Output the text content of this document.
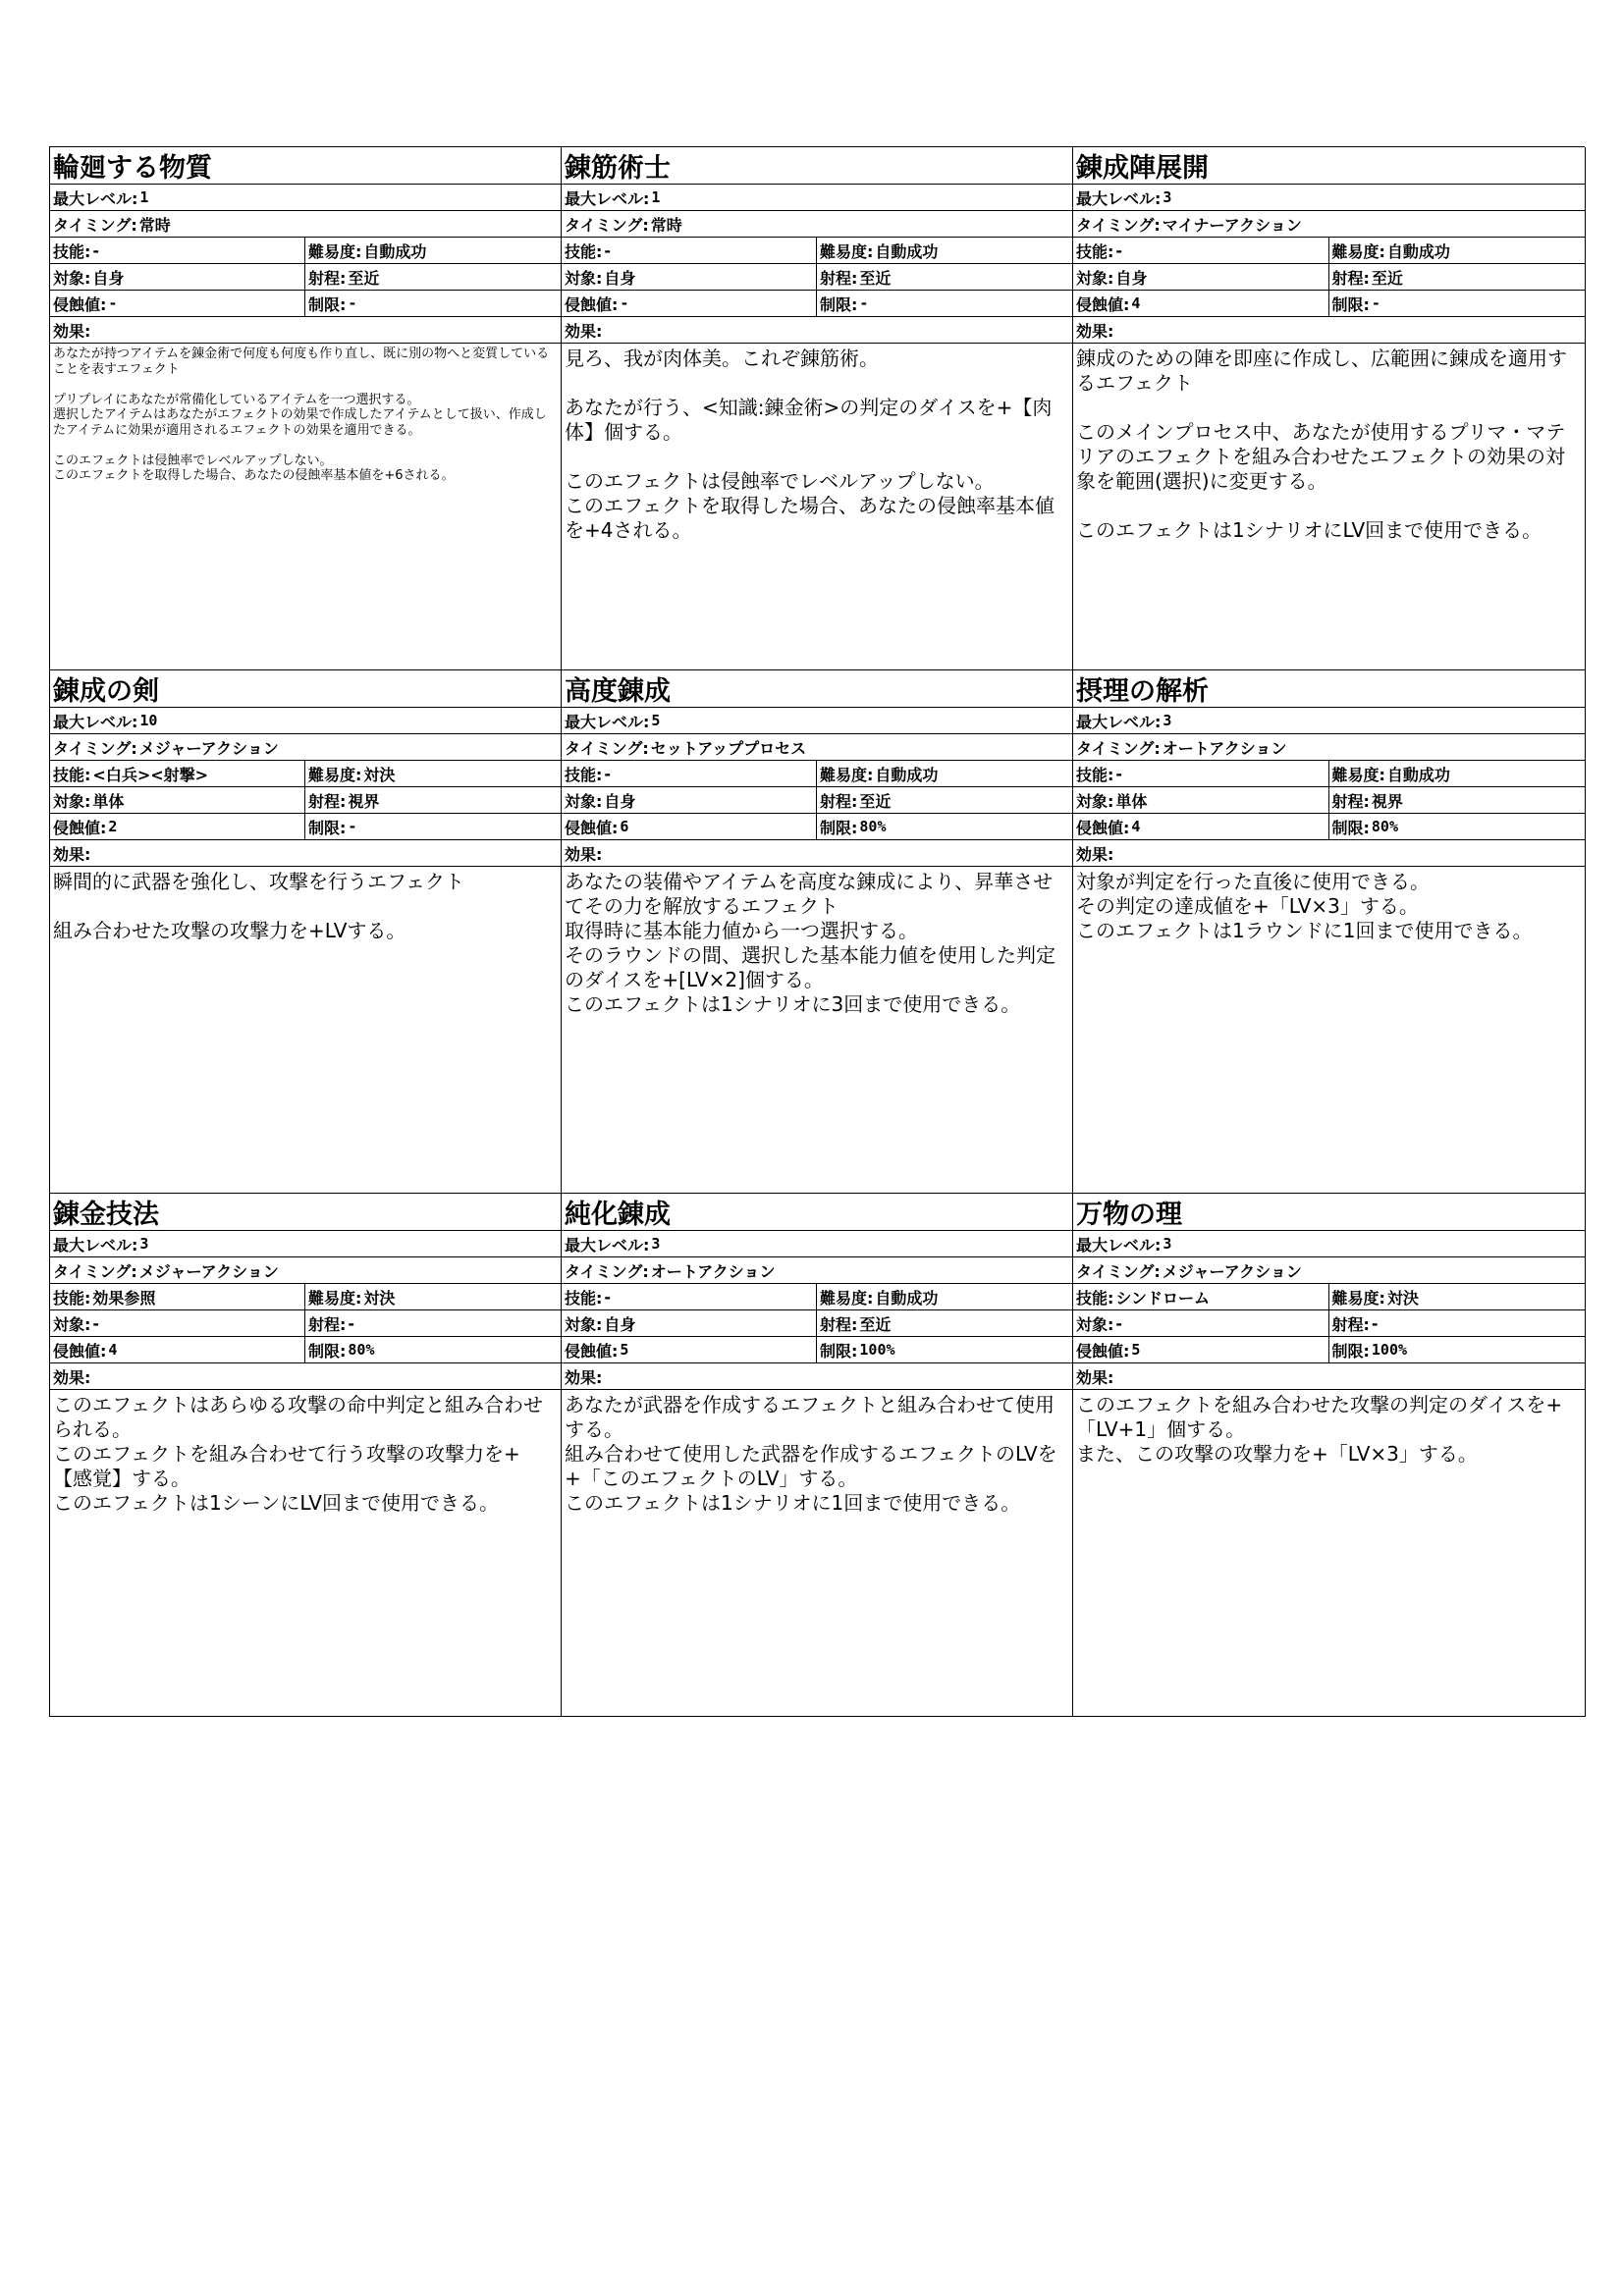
輪廻する物質
最大レベル: 1
タイミング: 常時
技能: -	難易度: 自動成功
対象: 自身	射程: 至近
侵蝕値: -	制限: -
効果:
あなたが持つアイテムを錬金術で何度も何度も作り直し、既に別の物へと変質していることを表すエフェクト

プリプレイにあなたが常備化しているアイテムを一つ選択する。
選択したアイテムはあなたがエフェクトの効果で作成したアイテムとして扱い、作成したアイテムに効果が適用されるエフェクトの効果を適用できる。

このエフェクトは侵蝕率でレベルアップしない。
このエフェクトを取得した場合、あなたの侵蝕率基本値を+6される。
錬筋術士
最大レベル: 1
タイミング: 常時
技能: -	難易度: 自動成功
対象: 自身	射程: 至近
侵蝕値: -	制限: -
効果:
見ろ、我が肉体美。これぞ錬筋術。

あなたが行う、<知識:錬金術>の判定のダイスを+【肉体】個する。

このエフェクトは侵蝕率でレベルアップしない。
このエフェクトを取得した場合、あなたの侵蝕率基本値を+4される。
錬成陣展開
最大レベル: 3
タイミング: マイナーアクション
技能: -	難易度: 自動成功
対象: 自身	射程: 至近
侵蝕値: 4	制限: -
効果:
錬成のための陣を即座に作成し、広範囲に錬成を適用するエフェクト

このメインプロセス中、あなたが使用するプリマ・マテリアのエフェクトを組み合わせたエフェクトの効果の対象を範囲(選択)に変更する。

このエフェクトは1シナリオにLV回まで使用できる。
錬成の剣
最大レベル: 10
タイミング: メジャーアクション
技能: <白兵><射撃>	難易度: 対決
対象: 単体	射程: 視界
侵蝕値: 2	制限: -
効果:
瞬間的に武器を強化し、攻撃を行うエフェクト

組み合わせた攻撃の攻撃力を+LVする。
高度錬成
最大レベル: 5
タイミング: セットアッププロセス
技能: -	難易度: 自動成功
対象: 自身	射程: 至近
侵蝕値: 6	制限: 80%
効果:
あなたの装備やアイテムを高度な錬成により、昇華させてその力を解放するエフェクト
取得時に基本能力値から一つ選択する。
そのラウンドの間、選択した基本能力値を使用した判定のダイスを+[LV×2]個する。
このエフェクトは1シナリオに3回まで使用できる。
摂理の解析
最大レベル: 3
タイミング: オートアクション
技能: -	難易度: 自動成功
対象: 単体	射程: 視界
侵蝕値: 4	制限: 80%
効果:
対象が判定を行った直後に使用できる。
その判定の達成値を+「LV×3」する。
このエフェクトは1ラウンドに1回まで使用できる。
錬金技法
最大レベル: 3
タイミング: メジャーアクション
技能: 効果参照	難易度: 対決
対象: -	射程: -
侵蝕値: 4	制限: 80%
効果:
このエフェクトはあらゆる攻撃の命中判定と組み合わせられる。
このエフェクトを組み合わせて行う攻撃の攻撃力を+【感覚】する。
このエフェクトは1シーンにLV回まで使用できる。
純化錬成
最大レベル: 3
タイミング: オートアクション
技能: -	難易度: 自動成功
対象: 自身	射程: 至近
侵蝕値: 5	制限: 100%
効果:
あなたが武器を作成するエフェクトと組み合わせて使用する。
組み合わせて使用した武器を作成するエフェクトのLVを+「このエフェクトのLV」する。
このエフェクトは1シナリオに1回まで使用できる。
万物の理
最大レベル: 3
タイミング: メジャーアクション
技能: シンドローム	難易度: 対決
対象: -	射程: -
侵蝕値: 5	制限: 100%
効果:
このエフェクトを組み合わせた攻撃の判定のダイスを+「LV+1」個する。
また、この攻撃の攻撃力を+「LV×3」する。
